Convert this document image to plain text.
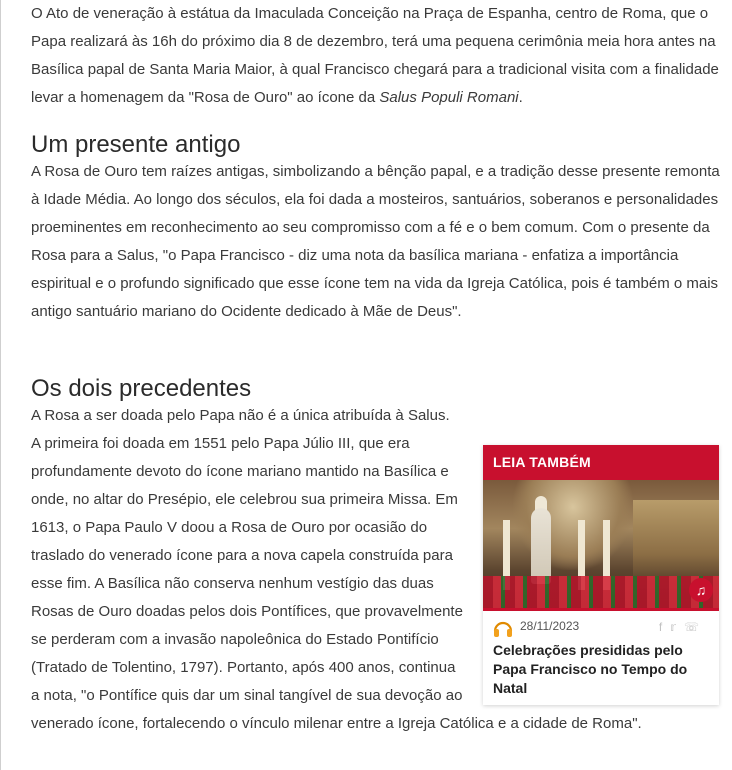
O Ato de veneração à estátua da Imaculada Conceição na Praça de Espanha, centro de Roma, que o Papa realizará às 16h do próximo dia 8 de dezembro, terá uma pequena cerimônia meia hora antes na Basílica papal de Santa Maria Maior, à qual Francisco chegará para a tradicional visita com a finalidade levar a homenagem da "Rosa de Ouro" ao ícone da Salus Populi Romani.

Um presente antigo

A Rosa de Ouro tem raízes antigas, simbolizando a bênção papal, e a tradição desse presente remonta à Idade Média. Ao longo dos séculos, ela foi dada a mosteiros, santuários, soberanos e personalidades proeminentes em reconhecimento ao seu compromisso com a fé e o bem comum. Com o presente da Rosa para a Salus, "o Papa Francisco - diz uma nota da basílica mariana - enfatiza a importância espiritual e o profundo significado que esse ícone tem na vida da Igreja Católica, pois é também o mais antigo santuário mariano do Ocidente dedicado à Mãe de Deus".

Os dois precedentes

A Rosa a ser doada pelo Papa não é a única atribuída à Salus.

A primeira foi doada em 1551 pelo Papa Júlio III, que era profundamente devoto do ícone mariano mantido na Basílica e onde, no altar do Presépio, ele celebrou sua primeira Missa. Em 1613, o Papa Paulo V doou a Rosa de Ouro por ocasião do traslado do venerado ícone para a nova capela construída para esse fim. A Basílica não conserva nenhum vestígio das duas Rosas de Ouro doadas pelos dois Pontífices, que provavelmente se perderam com a invasão napoleônica do Estado Pontifício (Tratado de Tolentino, 1797). Portanto, após 400 anos, continua a nota, "o Pontífice quis dar um sinal tangível de sua devoção ao

venerado ícone, fortalecendo o vínculo milenar entre a Igreja Católica e a cidade de Roma".

LEIA TAMBÉM
♫
28/11/2023	f𝕣☏
Celebrações presididas pelo Papa Francisco no Tempo do Natal
